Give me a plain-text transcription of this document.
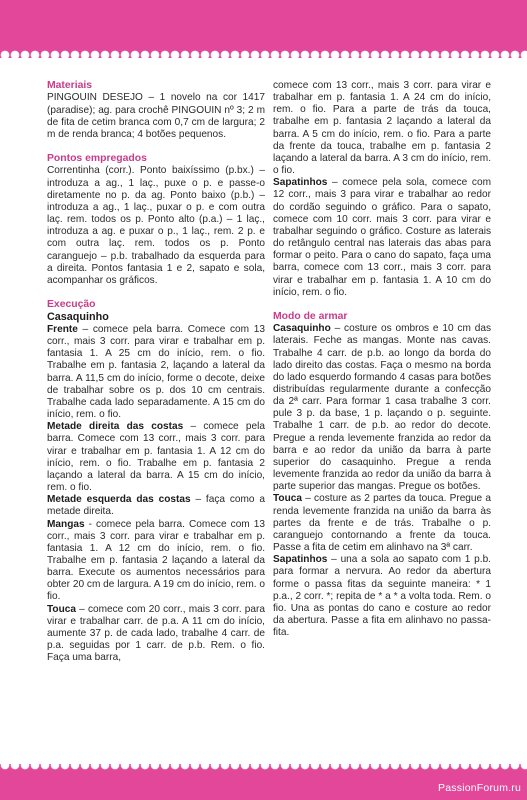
Materiais

PINGOUIN DESEJO – 1 novelo na cor 1417 (paradise); ag. para crochê PINGOUIN nº 3; 2 m de fita de cetim branca com 0,7 cm de largura; 2 m de renda branca; 4 botões pequenos.

Pontos empregados

Correntinha (corr.). Ponto baixíssimo (p.bx.) – introduza a ag., 1 laç., puxe o p. e passe-o diretamente no p. da ag. Ponto baixo (p.b.) – introduza a ag., 1 laç., puxar o p. e com outra laç. rem. todos os p. Ponto alto (p.a.) – 1 laç., introduza a ag. e puxar o p., 1 laç., rem. 2 p. e com outra laç. rem. todos os p. Ponto caranguejo – p.b. trabalhado da esquerda para a direita. Pontos fantasia 1 e 2, sapato e sola, acompanhar os gráficos.

Execução
Casaquinho

Frente – comece pela barra. Comece com 13 corr., mais 3 corr. para virar e trabalhar em p. fantasia 1. A 25 cm do início, rem. o fio. Trabalhe em p. fantasia 2, laçando a lateral da barra. A 11,5 cm do início, forme o decote, deixe de trabalhar sobre os p. dos 10 cm centrais. Trabalhe cada lado separadamente. A 15 cm do início, rem. o fio.

Metade direita das costas – comece pela barra. Comece com 13 corr., mais 3 corr. para virar e trabalhar em p. fantasia 1. A 12 cm do início, rem. o fio. Trabalhe em p. fantasia 2 laçando a lateral da barra. A 15 cm do início, rem. o fio.

Metade esquerda das costas – faça como a metade direita.

Mangas - comece pela barra. Comece com 13 corr., mais 3 corr. para virar e trabalhar em p. fantasia 1. A 12 cm do início, rem. o fio. Trabalhe em p. fantasia 2 laçando a lateral da barra. Execute os aumentos necessários para obter 20 cm de largura. A 19 cm do início, rem. o fio.

Touca – comece com 20 corr., mais 3 corr. para virar e trabalhar carr. de p.a. A 11 cm do início, aumente 37 p. de cada lado, trabalhe 4 carr. de p.a. seguidas por 1 carr. de p.b. Rem. o fio. Faça uma barra,

comece com 13 corr., mais 3 corr. para virar e trabalhar em p. fantasia 1. A 24 cm do início, rem. o fio. Para a parte de trás da touca, trabalhe em p. fantasia 2 laçando a lateral da barra. A 5 cm do início, rem. o fio. Para a parte da frente da touca, trabalhe em p. fantasia 2 laçando a lateral da barra. A 3 cm do início, rem. o fio.

Sapatinhos – comece pela sola, comece com 12 corr., mais 3 para virar e trabalhar ao redor do cordão seguindo o gráfico. Para o sapato, comece com 10 corr. mais 3 corr. para virar e trabalhar seguindo o gráfico. Costure as laterais do retângulo central nas laterais das abas para formar o peito. Para o cano do sapato, faça uma barra, comece com 13 corr., mais 3 corr. para virar e trabalhar em p. fantasia 1. A 10 cm do início, rem. o fio.

Modo de armar

Casaquinho – costure os ombros e 10 cm das laterais. Feche as mangas. Monte nas cavas. Trabalhe 4 carr. de p.b. ao longo da borda do lado direito das costas. Faça o mesmo na borda do lado esquerdo formando 4 casas para botões distribuídas regularmente durante a confecção da 2ª carr. Para formar 1 casa trabalhe 3 corr. pule 3 p. da base, 1 p. laçando o p. seguinte. Trabalhe 1 carr. de p.b. ao redor do decote. Pregue a renda levemente franzida ao redor da barra e ao redor da união da barra à parte superior do casaquinho. Pregue a renda levemente franzida ao redor da união da barra à parte superior das mangas. Pregue os botões.

Touca – costure as 2 partes da touca. Pregue a renda levemente franzida na união da barra às partes da frente e de trás. Trabalhe o p. caranguejo contornando a frente da touca. Passe a fita de cetim em alinhavo na 3ª carr.

Sapatinhos – una a sola ao sapato com 1 p.b. para formar a nervura. Ao redor da abertura forme o passa fitas da seguinte maneira: * 1 p.a., 2 corr. *; repita de * a * a volta toda. Rem. o fio. Una as pontas do cano e costure ao redor da abertura. Passe a fita em alinhavo no passa-fita.

PassionForum.ru
